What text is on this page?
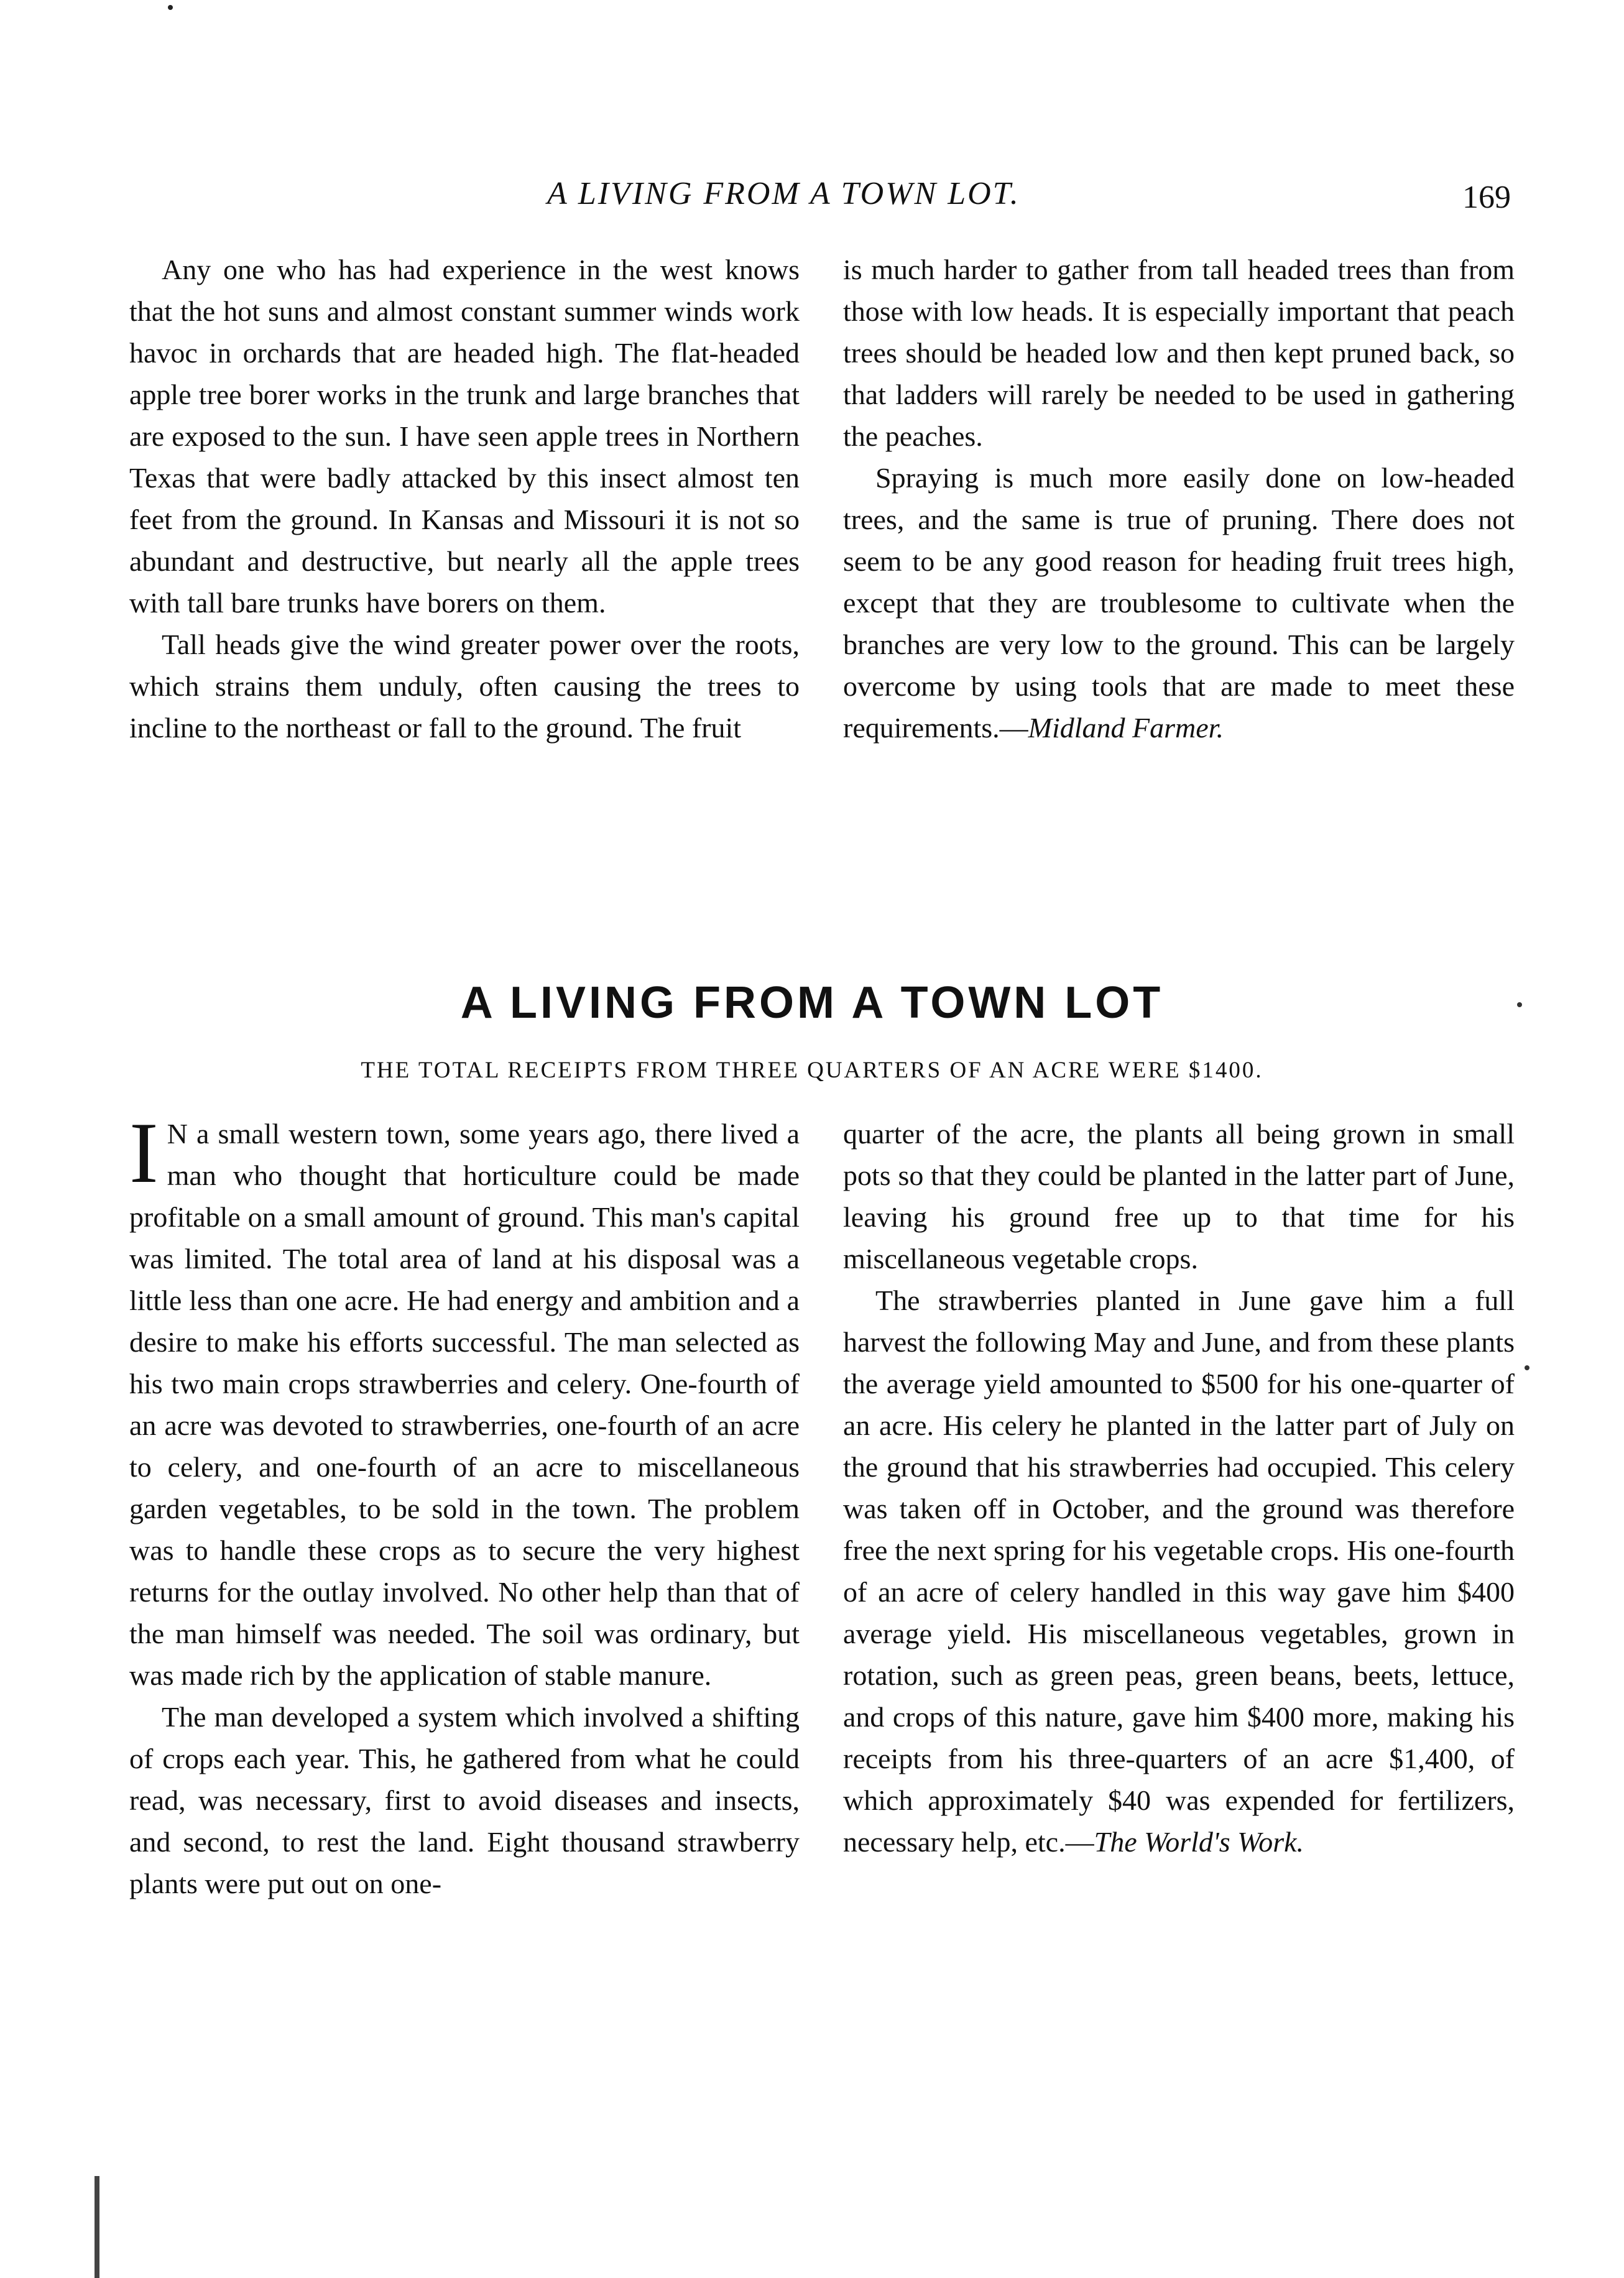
A LIVING FROM A TOWN LOT.	169

Any one who has had experience in the west knows that the hot suns and almost constant summer winds work havoc in orchards that are headed high. The flat-headed apple tree borer works in the trunk and large branches that are exposed to the sun. I have seen apple trees in Northern Texas that were badly attacked by this insect almost ten feet from the ground. In Kansas and Missouri it is not so abundant and destructive, but nearly all the apple trees with tall bare trunks have borers on them.

Tall heads give the wind greater power over the roots, which strains them unduly, often causing the trees to incline to the northeast or fall to the ground. The fruit

is much harder to gather from tall headed trees than from those with low heads. It is especially important that peach trees should be headed low and then kept pruned back, so that ladders will rarely be needed to be used in gathering the peaches.

Spraying is much more easily done on low-headed trees, and the same is true of pruning. There does not seem to be any good reason for heading fruit trees high, except that they are troublesome to cultivate when the branches are very low to the ground. This can be largely overcome by using tools that are made to meet these requirements.—Midland Farmer.

A LIVING FROM A TOWN LOT
THE TOTAL RECEIPTS FROM THREE QUARTERS OF AN ACRE WERE $1400.

I N a small western town, some years ago, there lived a man who thought that horticulture could be made profitable on a small amount of ground. This man's capital was limited. The total area of land at his disposal was a little less than one acre. He had energy and ambition and a desire to make his efforts successful. The man selected as his two main crops strawberries and celery. One-fourth of an acre was devoted to strawberries, one-fourth of an acre to celery, and one-fourth of an acre to miscellaneous garden vegetables, to be sold in the town. The problem was to handle these crops as to secure the very highest returns for the outlay involved. No other help than that of the man himself was needed. The soil was ordinary, but was made rich by the application of stable manure.

The man developed a system which involved a shifting of crops each year. This, he gathered from what he could read, was necessary, first to avoid diseases and insects, and second, to rest the land. Eight thousand strawberry plants were put out on one-

quarter of the acre, the plants all being grown in small pots so that they could be planted in the latter part of June, leaving his ground free up to that time for his miscellaneous vegetable crops.

The strawberries planted in June gave him a full harvest the following May and June, and from these plants the average yield amounted to $500 for his one-quarter of an acre. His celery he planted in the latter part of July on the ground that his strawberries had occupied. This celery was taken off in October, and the ground was therefore free the next spring for his vegetable crops. His one-fourth of an acre of celery handled in this way gave him $400 average yield. His miscellaneous vegetables, grown in rotation, such as green peas, green beans, beets, lettuce, and crops of this nature, gave him $400 more, making his receipts from his three-quarters of an acre $1,400, of which approximately $40 was expended for fertilizers, necessary help, etc.—The World's Work.
